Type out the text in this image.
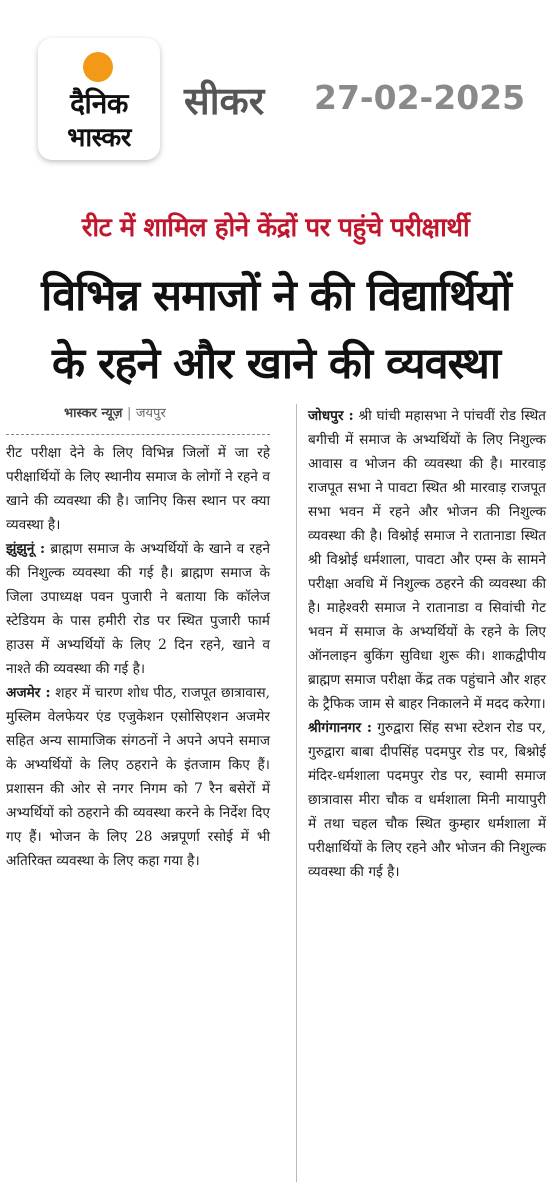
दैनिक
भास्कर
सीकर 27-02-2025
रीट में शामिल होने केंद्रों पर पहुंचे परीक्षार्थी
विभिन्न समाजों ने की विद्यार्थियों
के रहने और खाने की व्यवस्था
भास्कर न्यूज़ | जयपुर

रीट परीक्षा देने के लिए विभिन्न जिलों में जा रहे परीक्षार्थियों के लिए स्थानीय समाज के लोगों ने रहने व खाने की व्यवस्था की है। जानिए किस स्थान पर क्या व्यवस्था है।

झुंझुनूं : ब्राह्मण समाज के अभ्यर्थियों के खाने व रहने की निशुल्क व्यवस्था की गई है। ब्राह्मण समाज के जिला उपाध्यक्ष पवन पुजारी ने बताया कि कॉलेज स्टेडियम के पास हमीरी रोड पर स्थित पुजारी फार्म हाउस में अभ्यर्थियों के लिए 2 दिन रहने, खाने व नाश्ते की व्यवस्था की गई है।

अजमेर : शहर में चारण शोध पीठ, राजपूत छात्रावास, मुस्लिम वेलफेयर एंड एजुकेशन एसोसिएशन अजमेर सहित अन्य सामाजिक संगठनों ने अपने अपने समाज के अभ्यर्थियों के लिए ठहराने के इंतजाम किए हैं। प्रशासन की ओर से नगर निगम को 7 रैन बसेरों में अभ्यर्थियों को ठहराने की व्यवस्था करने के निर्देश दिए गए हैं। भोजन के लिए 28 अन्नपूर्णा रसोई में भी अतिरिक्त व्यवस्था के लिए कहा गया है।

जोधपुर : श्री घांची महासभा ने पांचवीं रोड स्थित बगीची में समाज के अभ्यर्थियों के लिए निशुल्क आवास व भोजन की व्यवस्था की है। मारवाड़ राजपूत सभा ने पावटा स्थित श्री मारवाड़ राजपूत सभा भवन में रहने और भोजन की निशुल्क व्यवस्था की है। विश्नोई समाज ने रातानाडा स्थित श्री विश्नोई धर्मशाला, पावटा और एम्स के सामने परीक्षा अवधि में निशुल्क ठहरने की व्यवस्था की है। माहेश्वरी समाज ने रातानाडा व सिवांची गेट भवन में समाज के अभ्यर्थियों के रहने के लिए ऑनलाइन बुकिंग सुविधा शुरू की। शाकद्वीपीय ब्राह्मण समाज परीक्षा केंद्र तक पहुंचाने और शहर के ट्रैफिक जाम से बाहर निकालने में मदद करेगा।

श्रीगंगानगर : गुरुद्वारा सिंह सभा स्टेशन रोड पर, गुरुद्वारा बाबा दीपसिंह पदमपुर रोड पर, बिश्नोई मंदिर-धर्मशाला पदमपुर रोड पर, स्वामी समाज छात्रावास मीरा चौक व धर्मशाला मिनी मायापुरी में तथा चहल चौक स्थित कुम्हार धर्मशाला में परीक्षार्थियों के लिए रहने और भोजन की निशुल्क व्यवस्था की गई है।
